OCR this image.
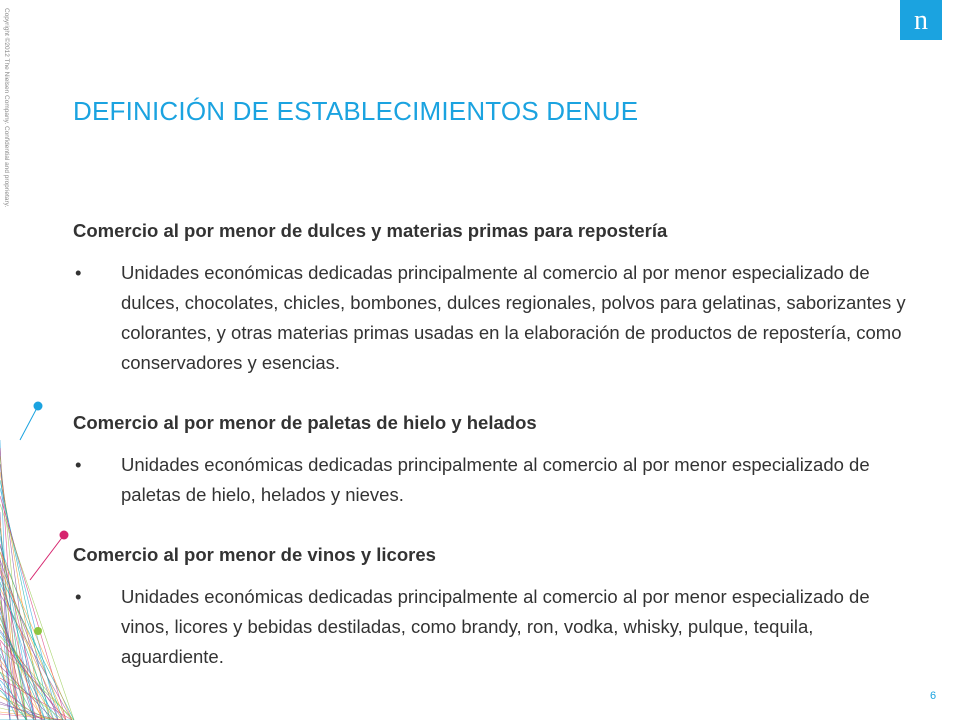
Copyright ©2012 The Nielsen Company. Confidential and proprietary.	n
DEFINICIÓN DE ESTABLECIMIENTOS DENUE

Comercio al por menor de dulces y materias primas para repostería

•	Unidades económicas dedicadas principalmente al comercio al por menor especializado de dulces, chocolates, chicles, bombones, dulces regionales, polvos para gelatinas, saborizantes y colorantes, y otras materias primas usadas en la elaboración de productos de repostería, como conservadores y esencias.

Comercio al por menor de paletas de hielo y helados

•	Unidades económicas dedicadas principalmente al comercio al por menor especializado de paletas de hielo, helados y nieves.

Comercio al por menor de vinos y licores

•	Unidades económicas dedicadas principalmente al comercio al por menor especializado de vinos, licores y bebidas destiladas, como brandy, ron, vodka, whisky, pulque, tequila, aguardiente.
6
